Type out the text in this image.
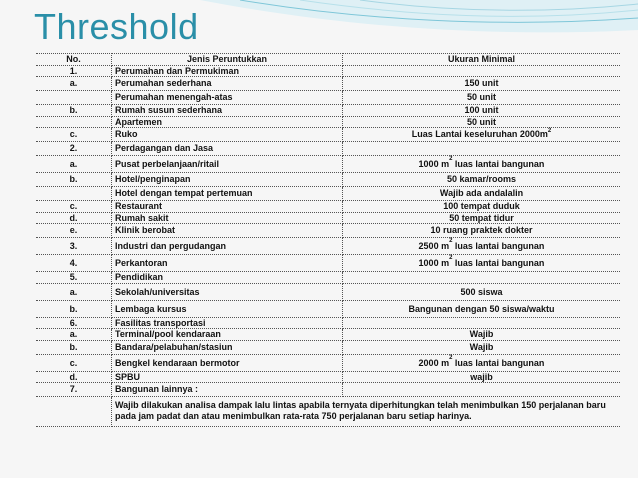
Threshold
No.	Jenis Peruntukkan	Ukuran Minimal
1.	Perumahan dan Permukiman	
a.	Perumahan sederhana	150 unit
	Perumahan menengah-atas	50 unit
b.	Rumah susun sederhana	100 unit
	Apartemen	50 unit
c.	Ruko	Luas Lantai keseluruhan $2000m^2$
2.	Perdagangan dan Jasa	
a.	Pusat perbelanjaan/ritail	1000 $m^2$ luas lantai bangunan
b.	Hotel/penginapan	50 kamar/rooms
	Hotel dengan tempat pertemuan	Wajib ada andalalin
c.	Restaurant	100 tempat duduk
d.	Rumah sakit	50 tempat tidur
e.	Klinik berobat	10 ruang praktek dokter
3.	Industri dan pergudangan	2500 $m^2$ luas lantai bangunan
4.	Perkantoran	1000 $m^2$ luas lantai bangunan
5.	Pendidikan	
a.	Sekolah/universitas	500 siswa
b.	Lembaga kursus	Bangunan dengan 50 siswa/waktu
6.	Fasilitas transportasi	
a.	Terminal/pool kendaraan	Wajib
b.	Bandara/pelabuhan/stasiun	Wajib
c.	Bengkel kendaraan bermotor	2000 $m^2$ luas lantai bangunan
d.	SPBU	wajib
7.	Bangunan lainnya :	
	Wajib dilakukan analisa dampak lalu lintas apabila ternyata diperhitungkan telah menimbulkan 150 perjalanan baru pada jam padat dan atau menimbulkan rata-rata 750 perjalanan baru setiap harinya.	
